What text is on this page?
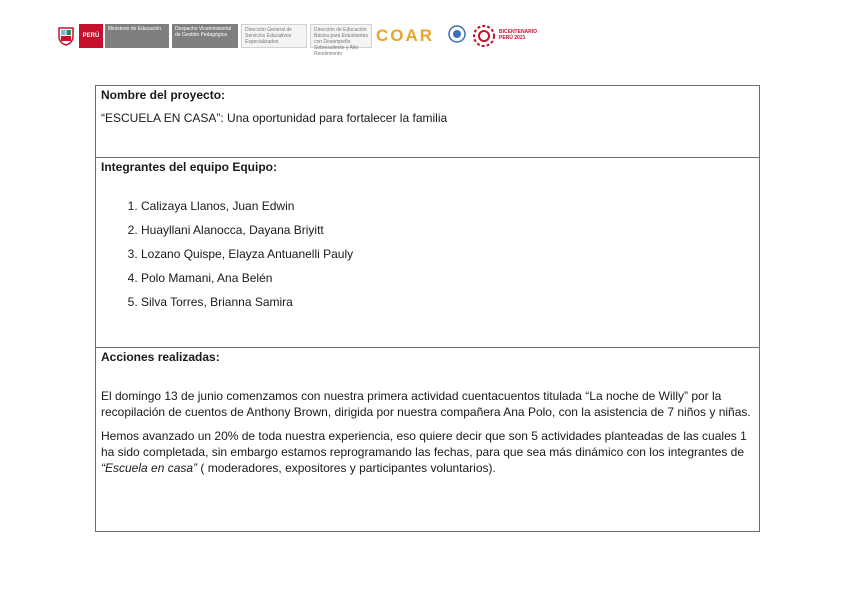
PERÚ
Ministerio de Educación	Despacho Viceministerial de Gestión Pedagógica
Dirección General de Servicios Educativos Especializados
Dirección de Educación Básica para Estudiantes con Desempeño Sobresaliente y Alto Rendimiento
COAR	BICENTENARIO PERÚ 2021
Nombre del proyecto:
“ESCUELA EN CASA”: Una oportunidad para fortalecer la familia

Integrantes del equipo Equipo:
1. Calizaya Llanos, Juan Edwin
2. Huayllani Alanocca, Dayana Briyitt
3. Lozano Quispe, Elayza Antuanelli Pauly
4. Polo Mamani, Ana Belén
5. Silva Torres, Brianna Samira

Acciones realizadas:
El domingo 13 de junio comenzamos con nuestra primera actividad cuentacuentos titulada “La noche de Willy” por la recopilación de cuentos de Anthony Brown, dirigida por nuestra compañera Ana Polo, con la asistencia de 7 niños y niñas.
Hemos avanzado un 20% de toda nuestra experiencia, eso quiere decir que son 5 actividades planteadas de las cuales 1 ha sido completada, sin embargo estamos reprogramando las fechas, para que sea más dinámico con los integrantes de “Escuela en casa” ( moderadores, expositores y participantes voluntarios).
